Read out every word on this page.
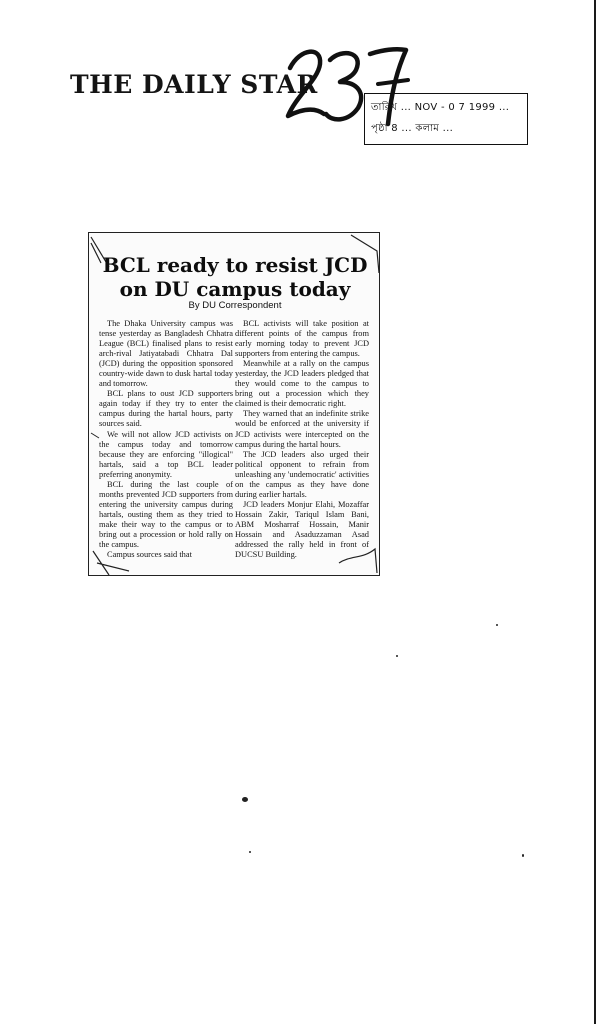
THE DAILY STAR
তারিখ ... NOV - 0 7 1999 ...
পৃষ্ঠা 8 ... কলাম ...
BCL ready to resist JCD on DU campus today
By DU Correspondent

The Dhaka University campus was tense yesterday as Bangladesh Chhatra League (BCL) finalised plans to resist arch-rival Jatiyatabadi Chhatra Dal (JCD) during the opposition sponsored country-wide dawn to dusk hartal today and tomorrow.

BCL plans to oust JCD supporters again today if they try to enter the campus during the hartal hours, party sources said.

We will not allow JCD activists on the campus today and tomorrow because they are enforcing "illogical" hartals, said a top BCL leader preferring anonymity.

BCL during the last couple of months prevented JCD supporters from entering the university campus during hartals, ousting them as they tried to make their way to the campus or to bring out a procession or hold rally on the campus.

Campus sources said that

BCL activists will take position at different points of the campus from early morning today to prevent JCD supporters from entering the campus.

Meanwhile at a rally on the campus yesterday, the JCD leaders pledged that they would come to the campus to bring out a procession which they claimed is their democratic right.

They warned that an indefinite strike would be enforced at the university if JCD activists were intercepted on the campus during the hartal hours.

The JCD leaders also urged their political opponent to refrain from unleashing any 'undemocratic' activities on the campus as they have done during earlier hartals.

JCD leaders Monjur Elahi, Mozaffar Hossain Zakir, Tariqul Islam Bani, ABM Mosharraf Hossain, Manir Hossain and Asaduzzaman Asad addressed the rally held in front of DUCSU Building.
